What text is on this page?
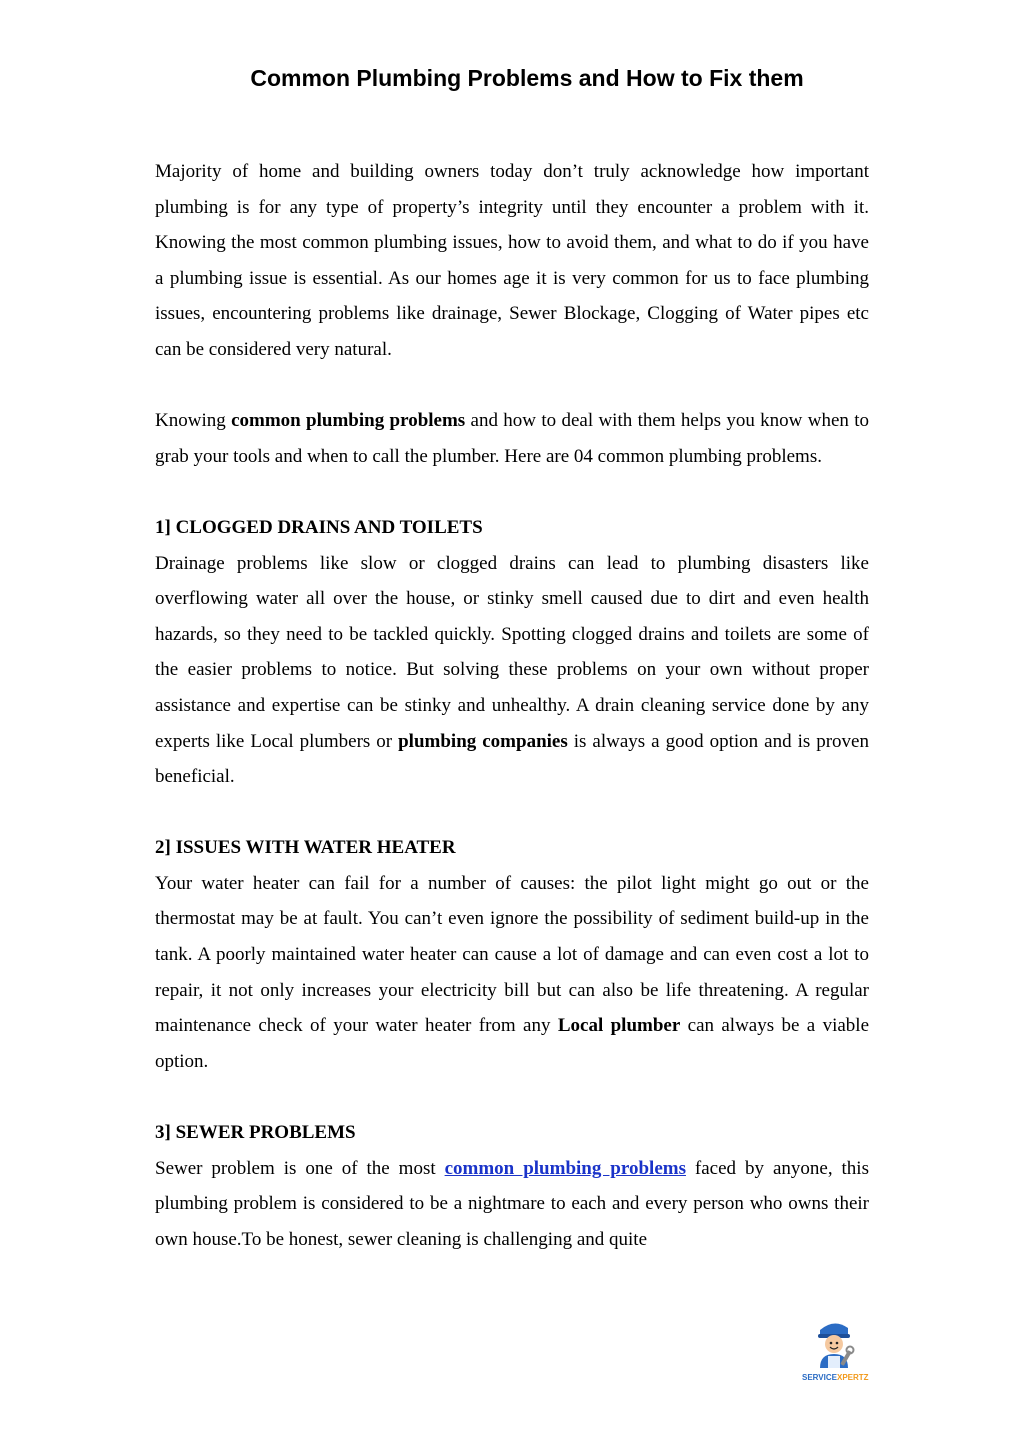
Common Plumbing Problems and How to Fix them

Majority of home and building owners today don’t truly acknowledge how important plumbing is for any type of property’s integrity until they encounter a problem with it. Knowing the most common plumbing issues, how to avoid them, and what to do if you have a plumbing issue is essential. As our homes age it is very common for us to face plumbing issues, encountering problems like drainage, Sewer Blockage, Clogging of Water pipes etc can be considered very natural.

Knowing common plumbing problems and how to deal with them helps you know when to grab your tools and when to call the plumber. Here are 04 common plumbing problems.

1] CLOGGED DRAINS AND TOILETS

Drainage problems like slow or clogged drains can lead to plumbing disasters like overflowing water all over the house, or stinky smell caused due to dirt and even health hazards, so they need to be tackled quickly. Spotting clogged drains and toilets are some of the easier problems to notice. But solving these problems on your own without proper assistance and expertise can be stinky and unhealthy. A drain cleaning service done by any experts like Local plumbers or plumbing companies is always a good option and is proven beneficial.

2] ISSUES WITH WATER HEATER

Your water heater can fail for a number of causes: the pilot light might go out or the thermostat may be at fault. You can’t even ignore the possibility of sediment build-up in the tank. A poorly maintained water heater can cause a lot of damage and can even cost a lot to repair, it not only increases your electricity bill but can also be life threatening. A regular maintenance check of your water heater from any Local plumber can always be a viable option.

3] SEWER PROBLEMS

Sewer problem is one of the most common plumbing problems faced by anyone, this plumbing problem is considered to be a nightmare to each and every person who owns their own house.To be honest, sewer cleaning is challenging and quite

SERVICEXPERTZ
